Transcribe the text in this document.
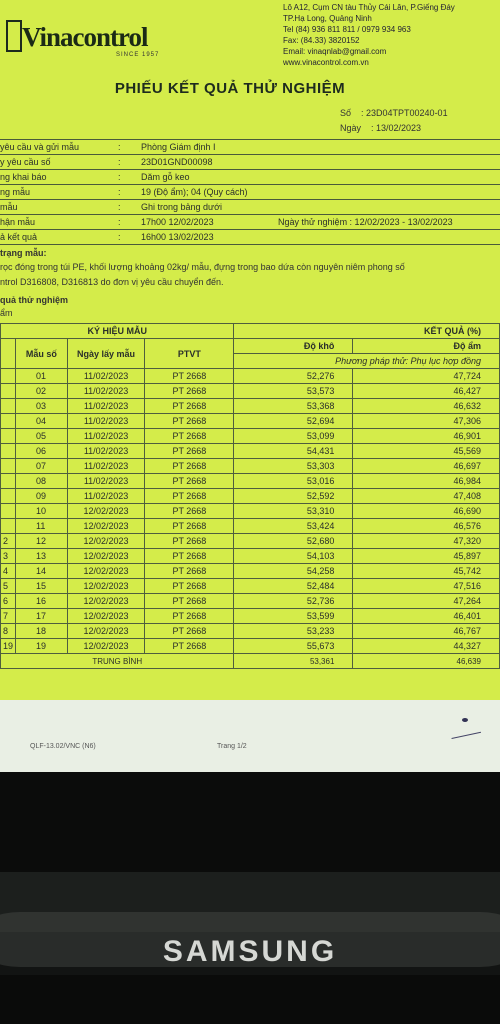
Vinacontrol
SINCE 1957
Lô A12, Cụm CN tàu Thủy Cái Lân, P.Giếng Đáy
TP.Hạ Long, Quảng Ninh
Tel (84) 936 811 811 / 0979 934 963
Fax: (84.33) 3820152
Email: vinaqnlab@gmail.com
www.vinacontrol.com.vn
PHIẾU KẾT QUẢ THỬ NGHIỆM
Số : 23D04TPT00240-01
Ngày : 13/02/2023
yêu cầu và gửi mẫu	: Phòng Giám định I
y yêu cầu số	: 23D01GND00098
ng khai báo	: Dăm gỗ keo
ng mẫu	: 19 (Độ ẩm); 04 (Quy cách)
mẫu	: Ghi trong bảng dưới
hận mẫu	: 17h00 12/02/2023	Ngày thử nghiệm : 12/02/2023 - 13/02/2023
ả kết quả	: 16h00 13/02/2023
trạng mẫu:
rọc đóng trong túi PE, khối lượng khoảng 02kg/ mẫu, đựng trong bao dứa còn nguyên niêm phong số
ntrol D316808, D316813 do đơn vị yêu cầu chuyển đến.
quả thử nghiệm
ẩm
KÝ HIỆU MẪU				KẾT QUẢ (%)	
	Mẫu số	Ngày lấy mẫu	PTVT	Độ khô	Độ ẩm
				Phương pháp thử: Phụ lục hợp đồng	
	01	11/02/2023	PT 2668	52,276	47,724
	02	11/02/2023	PT 2668	53,573	46,427
	03	11/02/2023	PT 2668	53,368	46,632
	04	11/02/2023	PT 2668	52,694	47,306
	05	11/02/2023	PT 2668	53,099	46,901
	06	11/02/2023	PT 2668	54,431	45,569
	07	11/02/2023	PT 2668	53,303	46,697
	08	11/02/2023	PT 2668	53,016	46,984
	09	11/02/2023	PT 2668	52,592	47,408
	10	12/02/2023	PT 2668	53,310	46,690
	11	12/02/2023	PT 2668	53,424	46,576
2	12	12/02/2023	PT 2668	52,680	47,320
3	13	12/02/2023	PT 2668	54,103	45,897
4	14	12/02/2023	PT 2668	54,258	45,742
5	15	12/02/2023	PT 2668	52,484	47,516
6	16	12/02/2023	PT 2668	52,736	47,264
7	17	12/02/2023	PT 2668	53,599	46,401
8	18	12/02/2023	PT 2668	53,233	46,767
19	19	12/02/2023	PT 2668	55,673	44,327
TRUNG BÌNH				53,361	46,639
QLF-13.02/VNC (N6)	Trang 1/2
SAMSUNG
